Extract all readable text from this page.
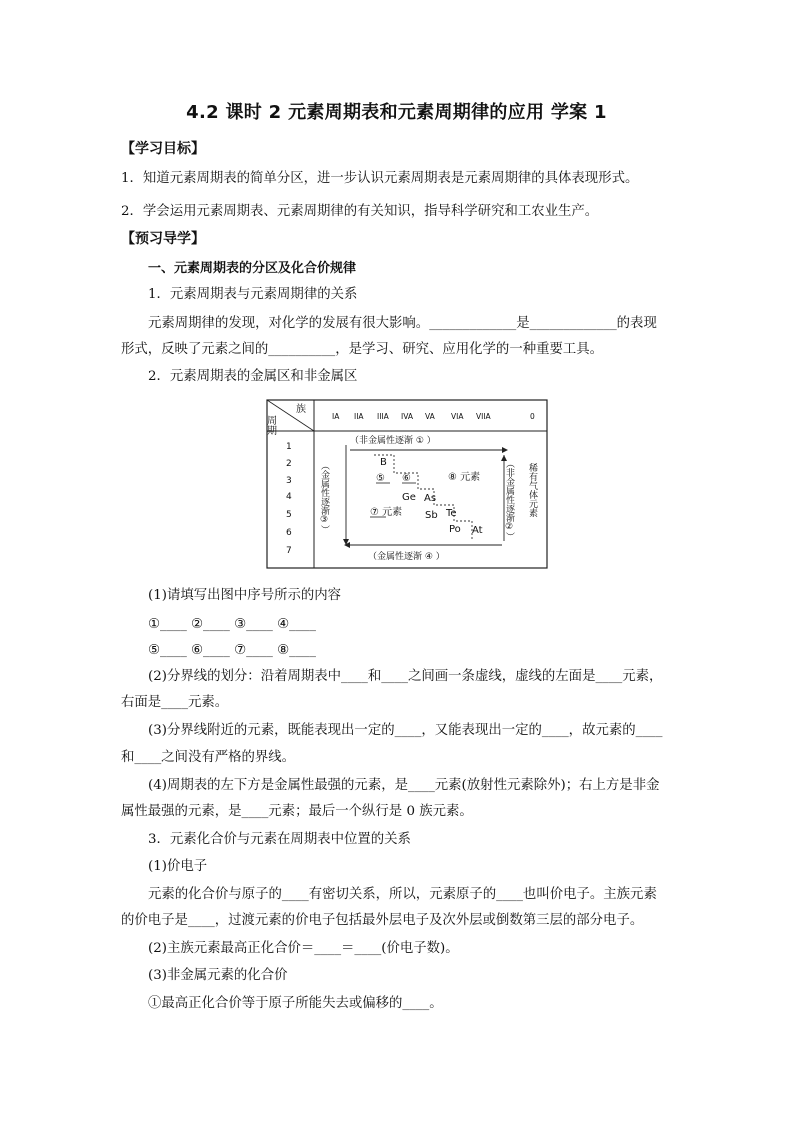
4.2 课时 2 元素周期表和元素周期律的应用 学案 1
【学习目标】
1．知道元素周期表的简单分区，进一步认识元素周期表是元素周期律的具体表现形式。
2．学会运用元素周期表、元素周期律的有关知识，指导科学研究和工农业生产。
【预习导学】
一、元素周期表的分区及化合价规律
1．元素周期表与元素周期律的关系
元素周期律的发现，对化学的发展有很大影响。_____________是_____________的表现
形式，反映了元素之间的__________，是学习、研究、应用化学的一种重要工具。
2．元素周期表的金属区和非金属区
族
周期	IA IIA IIIA IVA VA VIA VIIA	0
1
2
3
4
5
6
7
（非金属性逐渐 ① ）
（金属性逐渐③）
（金属性逐渐 ④ ）
（非金属性逐渐②） 稀有气体元素
B
Ge As
Sb Te
Po At
⑤ ⑥
⑦ 元素
⑧ 元素
(1)请填写出图中序号所示的内容
①____ ②____ ③____ ④____
⑤____ ⑥____ ⑦____ ⑧____
(2)分界线的划分：沿着周期表中____和____之间画一条虚线，虚线的左面是____元素，
右面是____元素。
(3)分界线附近的元素，既能表现出一定的____，又能表现出一定的____，故元素的____
和____之间没有严格的界线。
(4)周期表的左下方是金属性最强的元素，是____元素(放射性元素除外)；右上方是非金
属性最强的元素，是____元素；最后一个纵行是 0 族元素。
3．元素化合价与元素在周期表中位置的关系
(1)价电子
元素的化合价与原子的____有密切关系，所以，元素原子的____也叫价电子。主族元素
的价电子是____，过渡元素的价电子包括最外层电子及次外层或倒数第三层的部分电子。
(2)主族元素最高正化合价＝____＝____(价电子数)。
(3)非金属元素的化合价
①最高正化合价等于原子所能失去或偏移的____。
